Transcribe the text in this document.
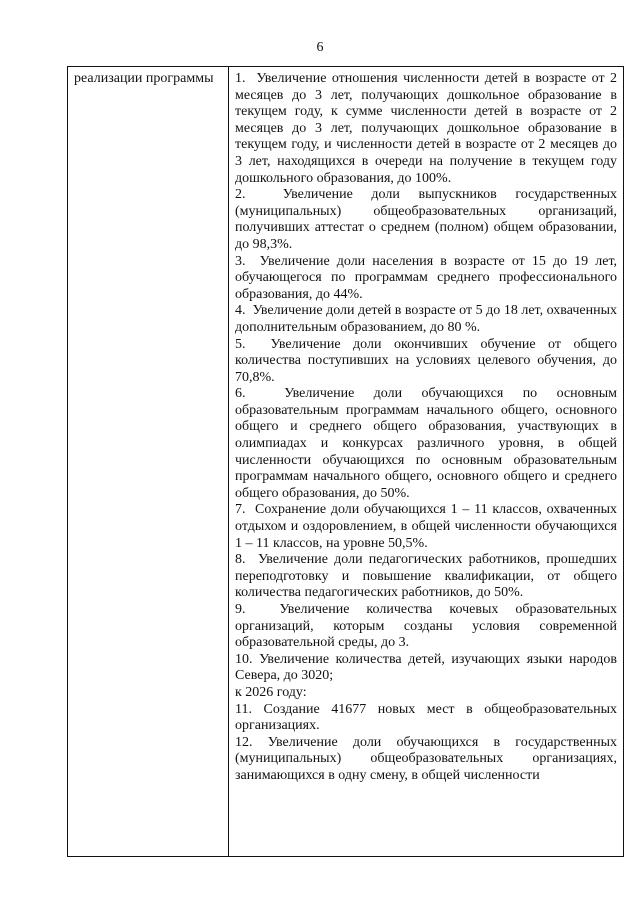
6
реализации программы	1. Увеличение отношения численности детей в возрасте от 2 месяцев до 3 лет, получающих дошкольное образование в текущем году, к сумме численности детей в возрасте от 2 месяцев до 3 лет, получающих дошкольное образование в текущем году, и численности детей в возрасте от 2 месяцев до 3 лет, находящихся в очереди на получение в текущем году дошкольного образования, до 100%.

2.	Увеличение доли выпускников государственных (муниципальных) общеобразовательных организаций, получивших аттестат о среднем (полном) общем образовании, до 98,3%.

3. Увеличение доли населения в возрасте от 15 до 19 лет, обучающегося по программам среднего профессионального образования, до 44%.

4. Увеличение доли детей в возрасте от 5 до 18 лет, охваченных дополнительным образованием, до 80 %.

5. Увеличение доли окончивших обучение от общего количества поступивших на условиях целевого обучения, до 70,8%.

6.	Увеличение доли обучающихся по основным образовательным программам начального общего, основного общего и среднего общего образования, участвующих в олимпиадах и конкурсах различного уровня, в общей численности обучающихся по основным образовательным программам начального общего, основного общего и среднего общего образования, до 50%.

7. Сохранение доли обучающихся 1 – 11 классов, охваченных отдыхом и оздоровлением, в общей численности обучающихся 1 – 11 классов, на уровне 50,5%.

8. Увеличение доли педагогических работников, прошедших переподготовку и повышение квалификации, от общего количества педагогических работников, до 50%.

9. Увеличение количества кочевых образовательных организаций, которым созданы условия современной образовательной среды, до 3.

10. Увеличение количества детей, изучающих языки народов Севера, до 3020;

к 2026 году:

11. Создание 41677 новых мест в общеобразовательных организациях.

12. Увеличение доли обучающихся в государственных (муниципальных) общеобразовательных организациях, занимающихся в одну смену, в общей численности
